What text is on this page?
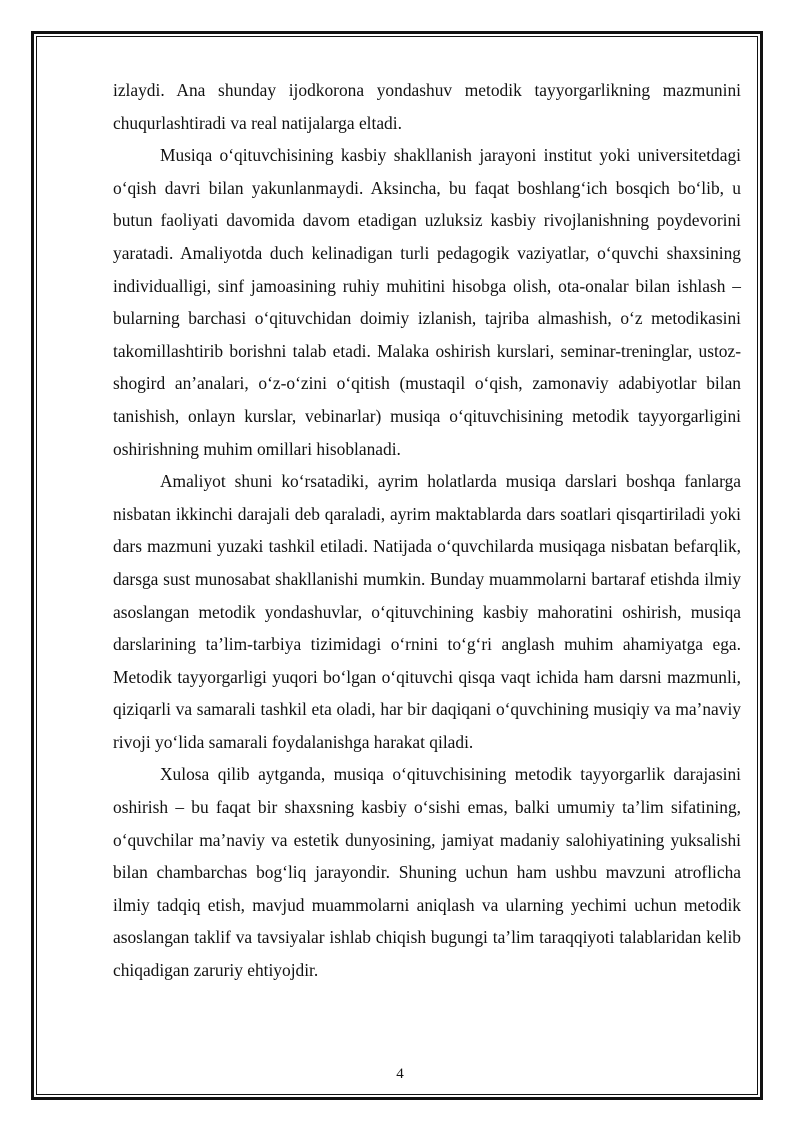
izlaydi. Ana shunday ijodkorona yondashuv metodik tayyorgarlikning mazmunini chuqurlashtiradi va real natijalarga eltadi.

Musiqa o‘qituvchisining kasbiy shakllanish jarayoni institut yoki universitetdagi o‘qish davri bilan yakunlanmaydi. Aksincha, bu faqat boshlang‘ich bosqich bo‘lib, u butun faoliyati davomida davom etadigan uzluksiz kasbiy rivojlanishning poydevorini yaratadi. Amaliyotda duch kelinadigan turli pedagogik vaziyatlar, o‘quvchi shaxsining individualligi, sinf jamoasining ruhiy muhitini hisobga olish, ota-onalar bilan ishlash – bularning barchasi o‘qituvchidan doimiy izlanish, tajriba almashish, o‘z metodikasini takomillashtirib borishni talab etadi. Malaka oshirish kurslari, seminar-treninglar, ustoz-shogird an’analari, o‘z-o‘zini o‘qitish (mustaqil o‘qish, zamonaviy adabiyotlar bilan tanishish, onlayn kurslar, vebinarlar) musiqa o‘qituvchisining metodik tayyorgarligini oshirishning muhim omillari hisoblanadi.

Amaliyot shuni ko‘rsatadiki, ayrim holatlarda musiqa darslari boshqa fanlarga nisbatan ikkinchi darajali deb qaraladi, ayrim maktablarda dars soatlari qisqartiriladi yoki dars mazmuni yuzaki tashkil etiladi. Natijada o‘quvchilarda musiqaga nisbatan befarqlik, darsga sust munosabat shakllanishi mumkin. Bunday muammolarni bartaraf etishda ilmiy asoslangan metodik yondashuvlar, o‘qituvchining kasbiy mahoratini oshirish, musiqa darslarining ta’lim-tarbiya tizimidagi o‘rnini to‘g‘ri anglash muhim ahamiyatga ega. Metodik tayyorgarligi yuqori bo‘lgan o‘qituvchi qisqa vaqt ichida ham darsni mazmunli, qiziqarli va samarali tashkil eta oladi, har bir daqiqani o‘quvchining musiqiy va ma’naviy rivoji yo‘lida samarali foydalanishga harakat qiladi.

Xulosa qilib aytganda, musiqa o‘qituvchisining metodik tayyorgarlik darajasini oshirish – bu faqat bir shaxsning kasbiy o‘sishi emas, balki umumiy ta’lim sifatining, o‘quvchilar ma’naviy va estetik dunyosining, jamiyat madaniy salohiyatining yuksalishi bilan chambarchas bog‘liq jarayondir. Shuning uchun ham ushbu mavzuni atroflicha ilmiy tadqiq etish, mavjud muammolarni aniqlash va ularning yechimi uchun metodik asoslangan taklif va tavsiyalar ishlab chiqish bugungi ta’lim taraqqiyoti talablaridan kelib chiqadigan zaruriy ehtiyojdir.

4
